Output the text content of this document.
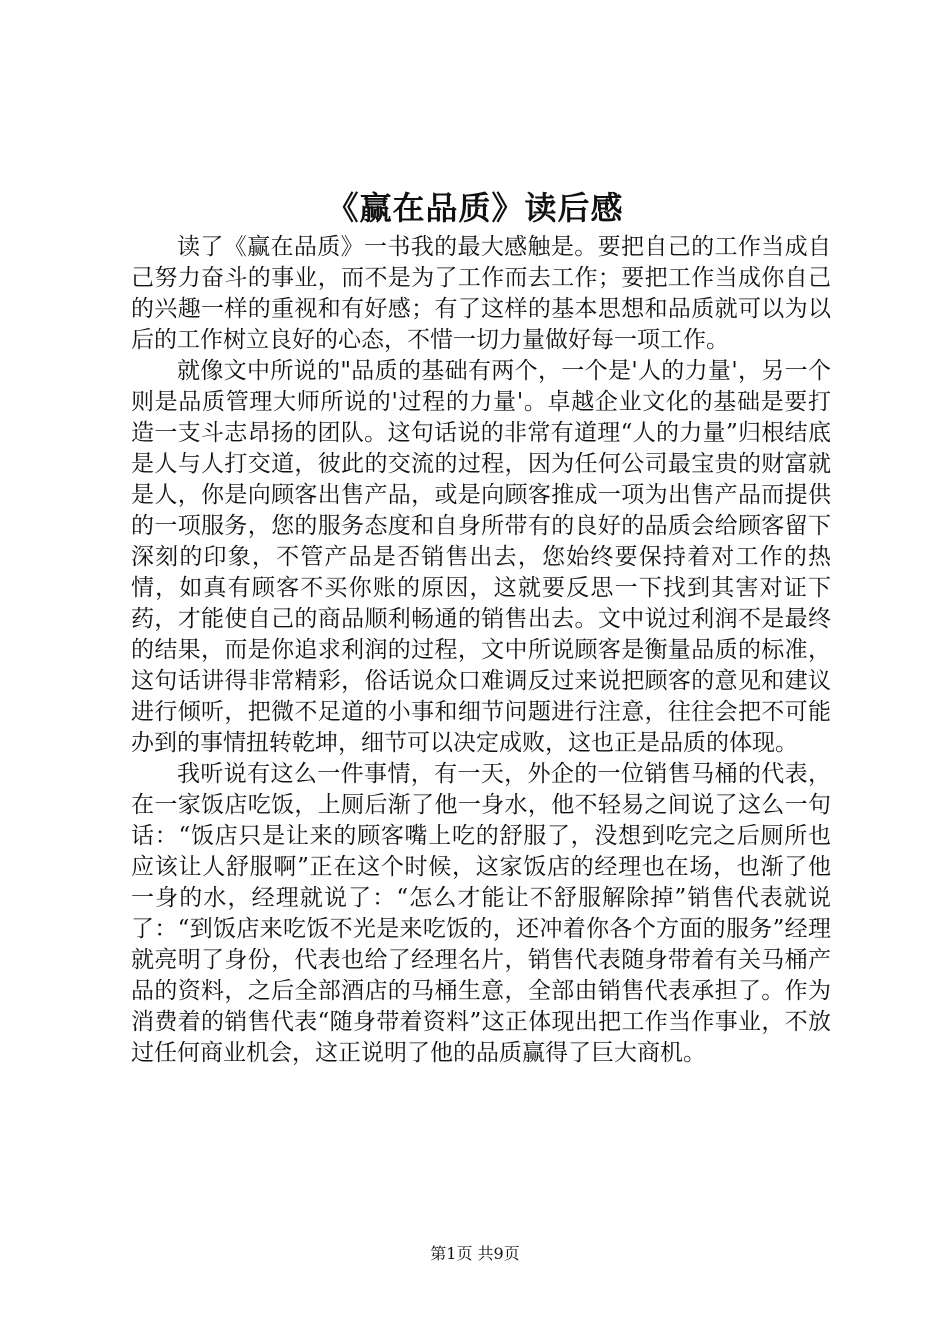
《赢在品质》读后感

读了《赢在品质》一书我的最大感触是。要把自己的工作当成自己努力奋斗的事业，而不是为了工作而去工作；要把工作当成你自己的兴趣一样的重视和有好感；有了这样的基本思想和品质就可以为以后的工作树立良好的心态，不惜一切力量做好每一项工作。

就像文中所说的"品质的基础有两个，一个是'人的力量'，另一个则是品质管理大师所说的'过程的力量'。卓越企业文化的基础是要打造一支斗志昂扬的团队。这句话说的非常有道理“人的力量”归根结底是人与人打交道，彼此的交流的过程，因为任何公司最宝贵的财富就是人，你是向顾客出售产品，或是向顾客推成一项为出售产品而提供的一项服务，您的服务态度和自身所带有的良好的品质会给顾客留下深刻的印象，不管产品是否销售出去，您始终要保持着对工作的热情，如真有顾客不买你账的原因，这就要反思一下找到其害对证下药，才能使自己的商品顺利畅通的销售出去。文中说过利润不是最终的结果，而是你追求利润的过程，文中所说顾客是衡量品质的标准，这句话讲得非常精彩，俗话说众口难调反过来说把顾客的意见和建议进行倾听，把微不足道的小事和细节问题进行注意，往往会把不可能办到的事情扭转乾坤，细节可以决定成败，这也正是品质的体现。

我听说有这么一件事情，有一天，外企的一位销售马桶的代表，在一家饭店吃饭，上厕后渐了他一身水，他不轻易之间说了这么一句话：“饭店只是让来的顾客嘴上吃的舒服了，没想到吃完之后厕所也应该让人舒服啊”正在这个时候，这家饭店的经理也在场，也渐了他一身的水，经理就说了：“怎么才能让不舒服解除掉”销售代表就说了：“到饭店来吃饭不光是来吃饭的，还冲着你各个方面的服务”经理就亮明了身份，代表也给了经理名片，销售代表随身带着有关马桶产品的资料，之后全部酒店的马桶生意，全部由销售代表承担了。作为消费着的销售代表“随身带着资料”这正体现出把工作当作事业，不放过任何商业机会，这正说明了他的品质赢得了巨大商机。

第1页 共9页
